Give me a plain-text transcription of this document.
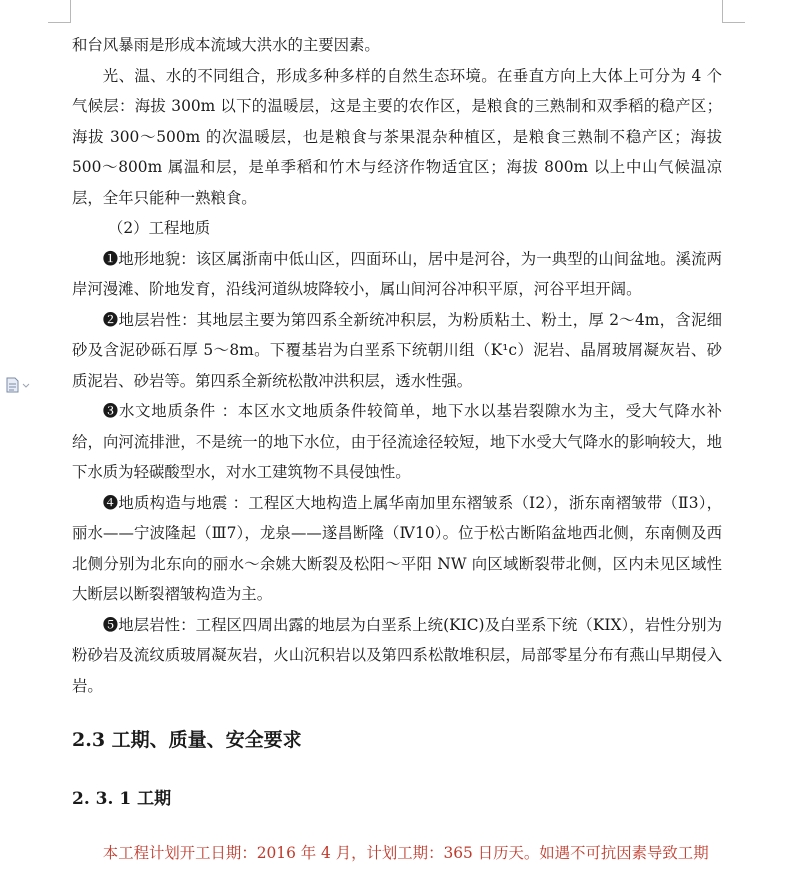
和台风暴雨是形成本流域大洪水的主要因素。

光、温、水的不同组合，形成多种多样的自然生态环境。在垂直方向上大体上可分为 4 个气候层：海拔 300m 以下的温暖层，这是主要的农作区，是粮食的三熟制和双季稻的稳产区；海拔 300～500m 的次温暖层，也是粮食与茶果混杂种植区，是粮食三熟制不稳产区；海拔 500～800m 属温和层，是单季稻和竹木与经济作物适宜区；海拔 800m 以上中山气候温凉层，全年只能种一熟粮食。

（2）工程地质

❶地形地貌：该区属浙南中低山区，四面环山，居中是河谷，为一典型的山间盆地。溪流两岸河漫滩、阶地发育，沿线河道纵坡降较小，属山间河谷冲积平原，河谷平坦开阔。

❷地层岩性：其地层主要为第四系全新统冲积层，为粉质粘土、粉土，厚 2～4m，含泥细砂及含泥砂砾石厚 5～8m。下覆基岩为白垩系下统朝川组（K¹c）泥岩、晶屑玻屑凝灰岩、砂质泥岩、砂岩等。第四系全新统松散冲洪积层，透水性强。

❸水文地质条件 ：本区水文地质条件较简单，地下水以基岩裂隙水为主，受大气降水补给，向河流排泄，不是统一的地下水位，由于径流途径较短，地下水受大气降水的影响较大，地下水质为轻碳酸型水，对水工建筑物不具侵蚀性。

❹地质构造与地震 ：工程区大地构造上属华南加里东褶皱系（Ⅰ2），浙东南褶皱带（Ⅱ3），丽水——宁波隆起（Ⅲ7），龙泉——遂昌断隆（Ⅳ10）。位于松古断陷盆地西北侧，东南侧及西北侧分别为北东向的丽水～余姚大断裂及松阳～平阳 NW 向区域断裂带北侧，区内未见区域性大断层以断裂褶皱构造为主。

❺地层岩性：工程区四周出露的地层为白垩系上统(KIC)及白垩系下统（KIX），岩性分别为粉砂岩及流纹质玻屑凝灰岩，火山沉积岩以及第四系松散堆积层，局部零星分布有燕山早期侵入岩。

2.3 工期、质量、安全要求

2. 3. 1 工期

本工程计划开工日期：2016 年 4 月，计划工期：365 日历天。如遇不可抗因素导致工期
